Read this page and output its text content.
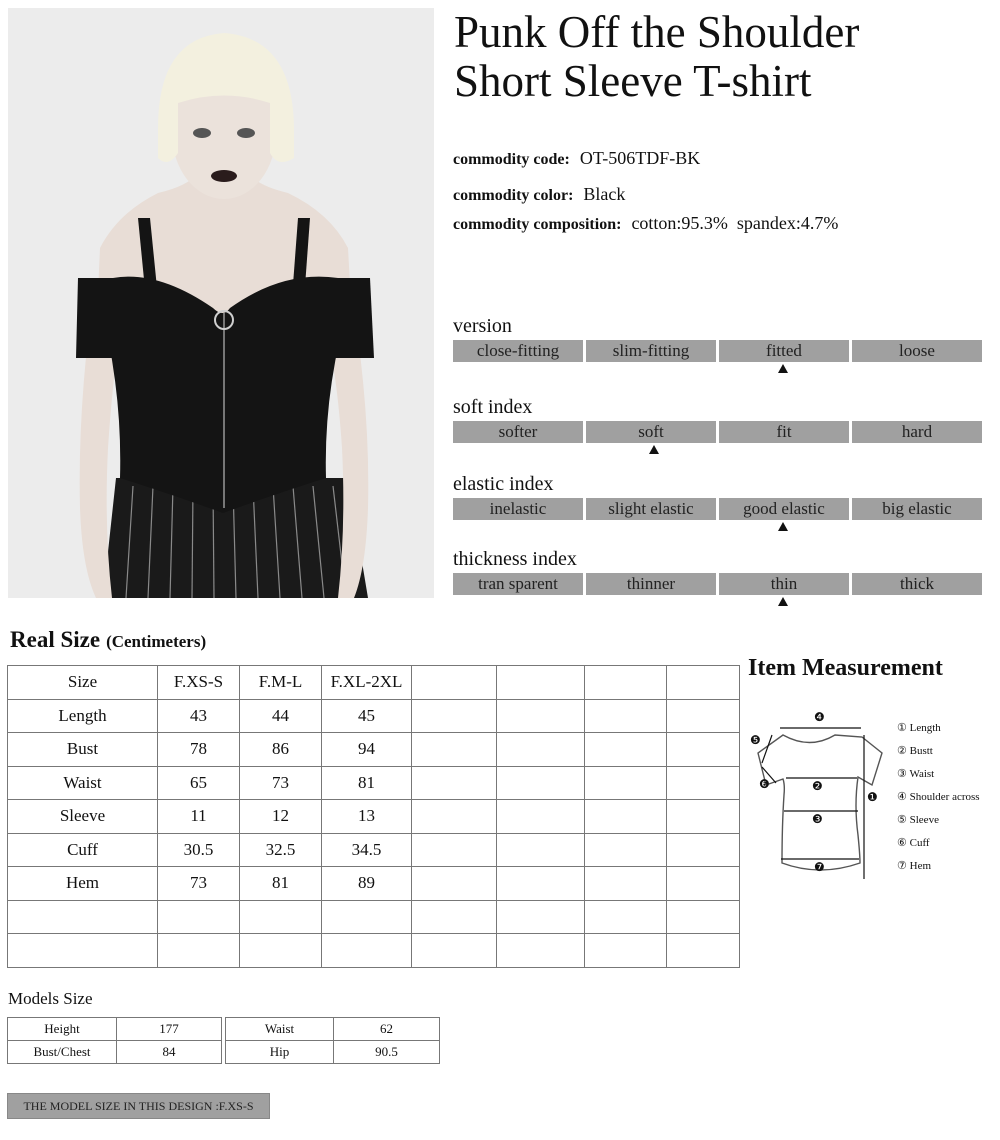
Punk Off the Shoulder
Short Sleeve T-shirt
commodity code: OT-506TDF-BK
commodity color: Black
commodity composition: cotton:95.3%  spandex:4.7%
version
close-fitting	slim-fitting	fitted	loose
soft index
softer	soft	fit	hard
elastic index
inelastic	slight elastic	good elastic	big elastic
thickness index
tran sparent	thinner	thin	thick
Real Size (Centimeters)
Size	F.XS-S	F.M-L	F.XL-2XL				
Length	43	44	45				
Bust	78	86	94				
Waist	65	73	81				
Sleeve	11	12	13				
Cuff	30.5	32.5	34.5				
Hem	73	81	89				

Item Measurement
❹
❺
❻	❷
❸
❼
❶
① Length
② Bustt
③ Waist
④ Shoulder across
⑤ Sleeve
⑥ Cuff
⑦ Hem
Models Size
Height	177		Waist	62
Bust/Chest	84		Hip	90.5
THE MODEL SIZE IN THIS DESIGN :F.XS-S
